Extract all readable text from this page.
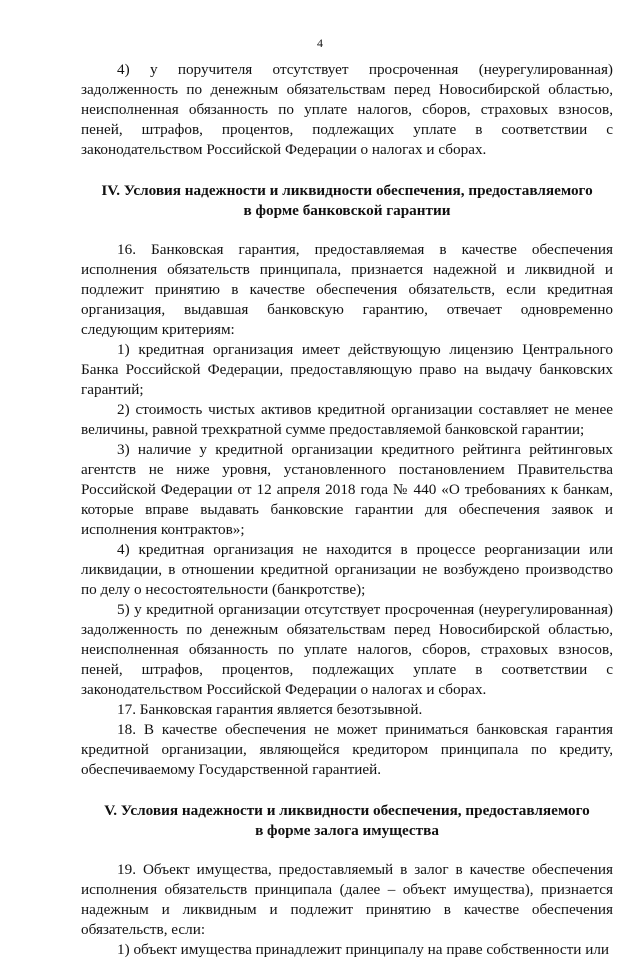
4

4) у поручителя отсутствует просроченная (неурегулированная) задолженность по денежным обязательствам перед Новосибирской областью, неисполненная обязанность по уплате налогов, сборов, страховых взносов, пеней, штрафов, процентов, подлежащих уплате в соответствии с законодательством Российской Федерации о налогах и сборах.

IV. Условия надежности и ликвидности обеспечения, предоставляемого

в форме банковской гарантии

16. Банковская гарантия, предоставляемая в качестве обеспечения исполнения обязательств принципала, признается надежной и ликвидной и подлежит принятию в качестве обеспечения обязательств, если кредитная организация, выдавшая банковскую гарантию, отвечает одновременно следующим критериям:

1) кредитная организация имеет действующую лицензию Центрального Банка Российской Федерации, предоставляющую право на выдачу банковских гарантий;

2) стоимость чистых активов кредитной организации составляет не менее величины, равной трехкратной сумме предоставляемой банковской гарантии;

3) наличие у кредитной организации кредитного рейтинга рейтинговых агентств не ниже уровня, установленного постановлением Правительства Российской Федерации от 12 апреля 2018 года № 440 «О требованиях к банкам, которые вправе выдавать банковские гарантии для обеспечения заявок и исполнения контрактов»;

4) кредитная организация не находится в процессе реорганизации или ликвидации, в отношении кредитной организации не возбуждено производство по делу о несостоятельности (банкротстве);

5) у кредитной организации отсутствует просроченная (неурегулированная) задолженность по денежным обязательствам перед Новосибирской областью, неисполненная обязанность по уплате налогов, сборов, страховых взносов, пеней, штрафов, процентов, подлежащих уплате в соответствии с законодательством Российской Федерации о налогах и сборах.

17. Банковская гарантия является безотзывной.

18. В качестве обеспечения не может приниматься банковская гарантия кредитной организации, являющейся кредитором принципала по кредиту, обеспечиваемому Государственной гарантией.

V. Условия надежности и ликвидности обеспечения, предоставляемого

в форме залога имущества

19. Объект имущества, предоставляемый в залог в качестве обеспечения исполнения обязательств принципала (далее – объект имущества), признается надежным и ликвидным и подлежит принятию в качестве обеспечения обязательств, если:

1) объект имущества принадлежит принципалу на праве собственности или
